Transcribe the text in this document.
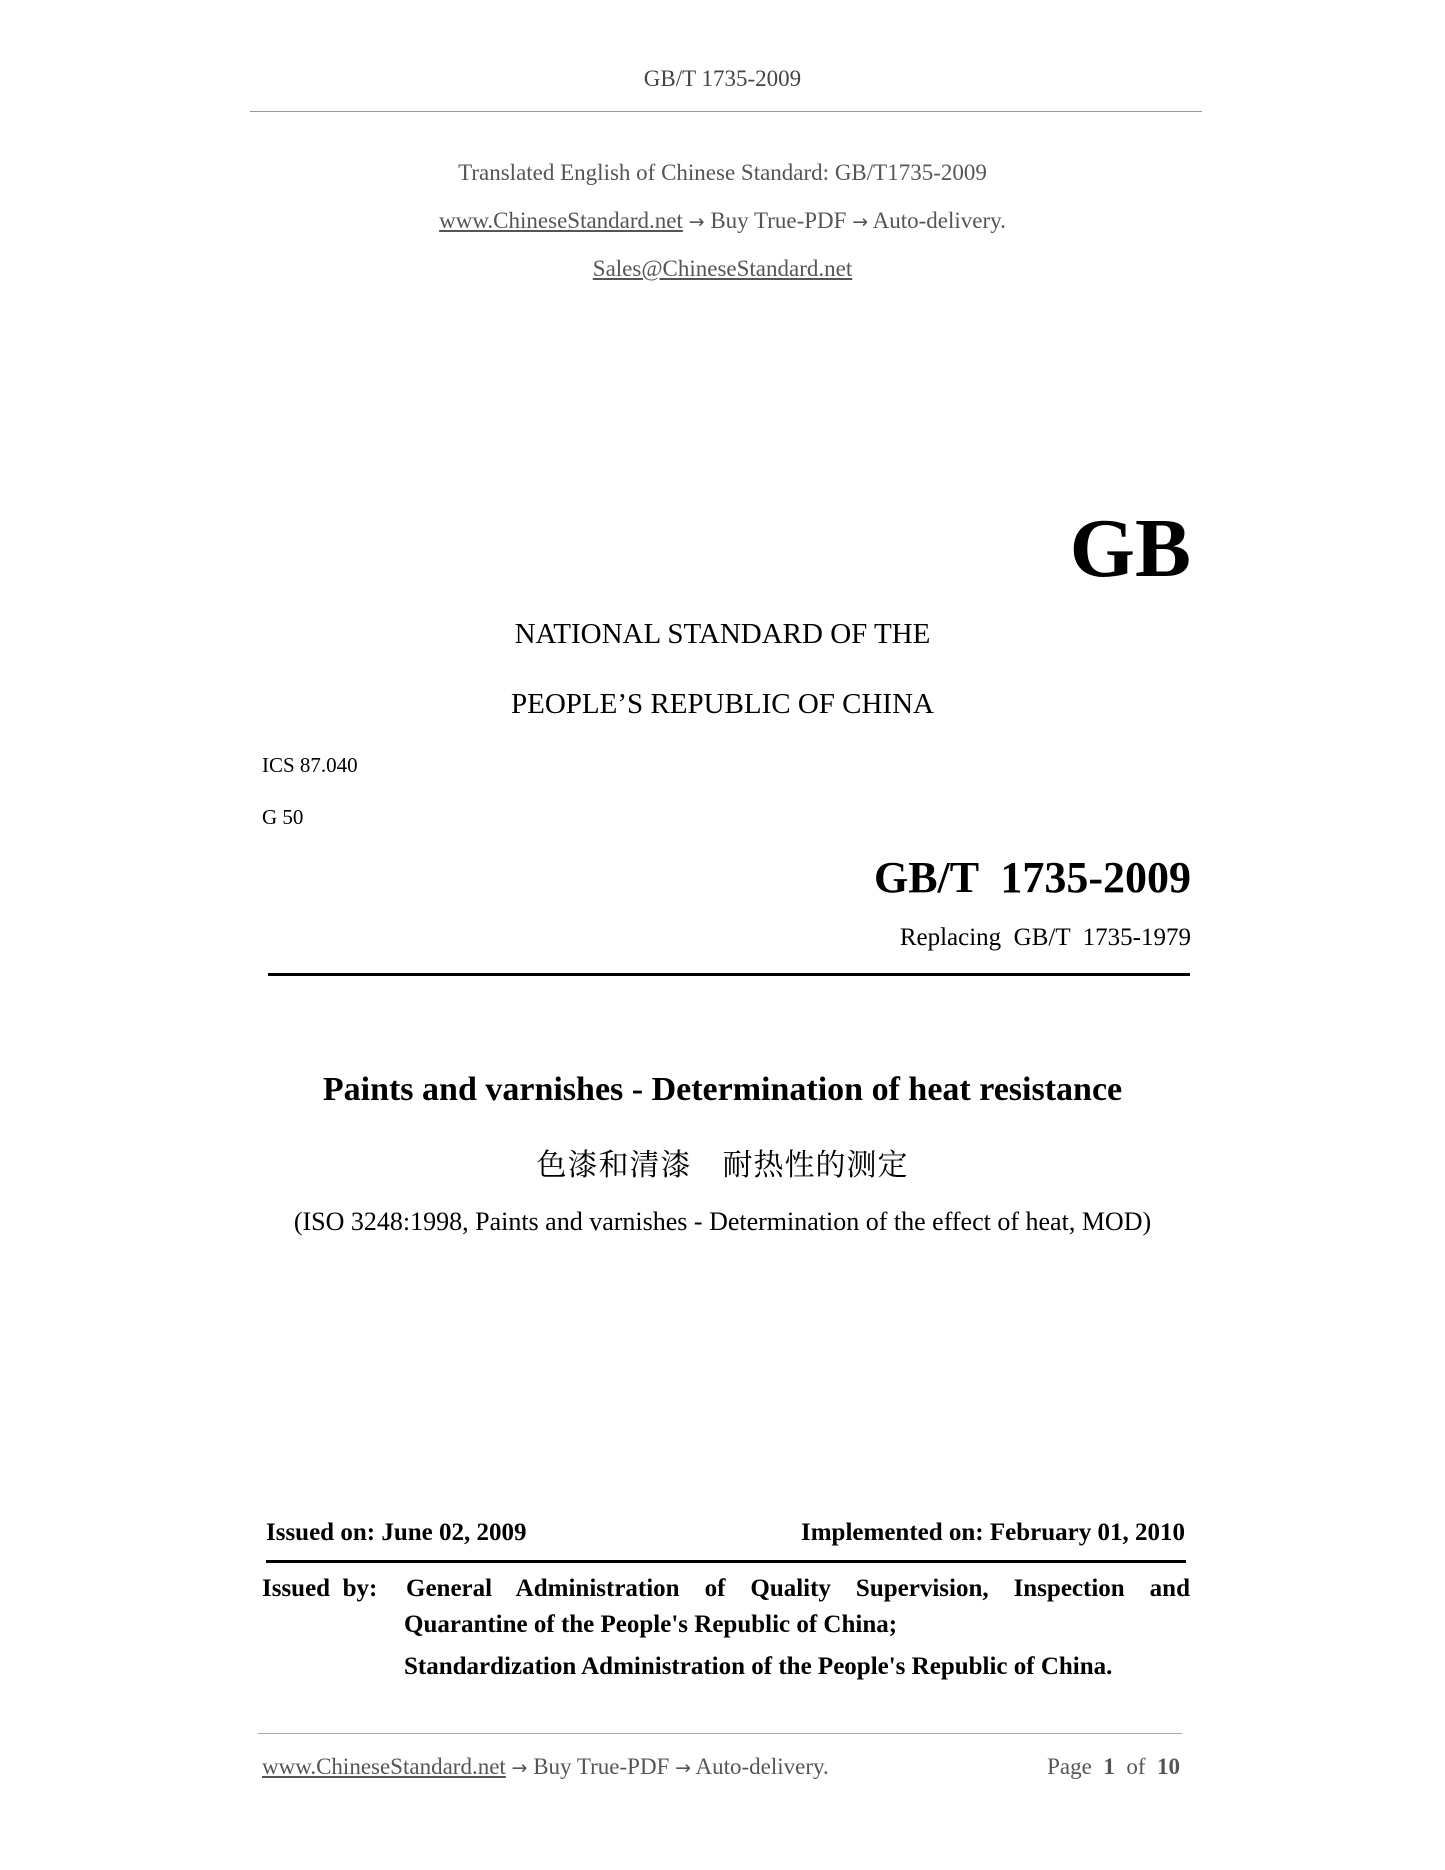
GB/T 1735-2009
Translated English of Chinese Standard: GB/T1735-2009
www.ChineseStandard.net → Buy True-PDF → Auto-delivery.
Sales@ChineseStandard.net
GB
NATIONAL STANDARD OF THE
PEOPLE’S REPUBLIC OF CHINA
ICS 87.040
G 50
GB/T  1735-2009
Replacing  GB/T  1735-1979
Paints and varnishes - Determination of heat resistance
色漆和清漆　耐热性的测定
(ISO 3248:1998, Paints and varnishes - Determination of the effect of heat, MOD)
Issued on: June 02, 2009	Implemented on: February 01, 2010
Issued  by: General Administration of Quality Supervision, Inspection and
Quarantine of the People's Republic of China;
Standardization Administration of the People's Republic of China.
www.ChineseStandard.net → Buy True-PDF → Auto-delivery.	Page 1 of 10
